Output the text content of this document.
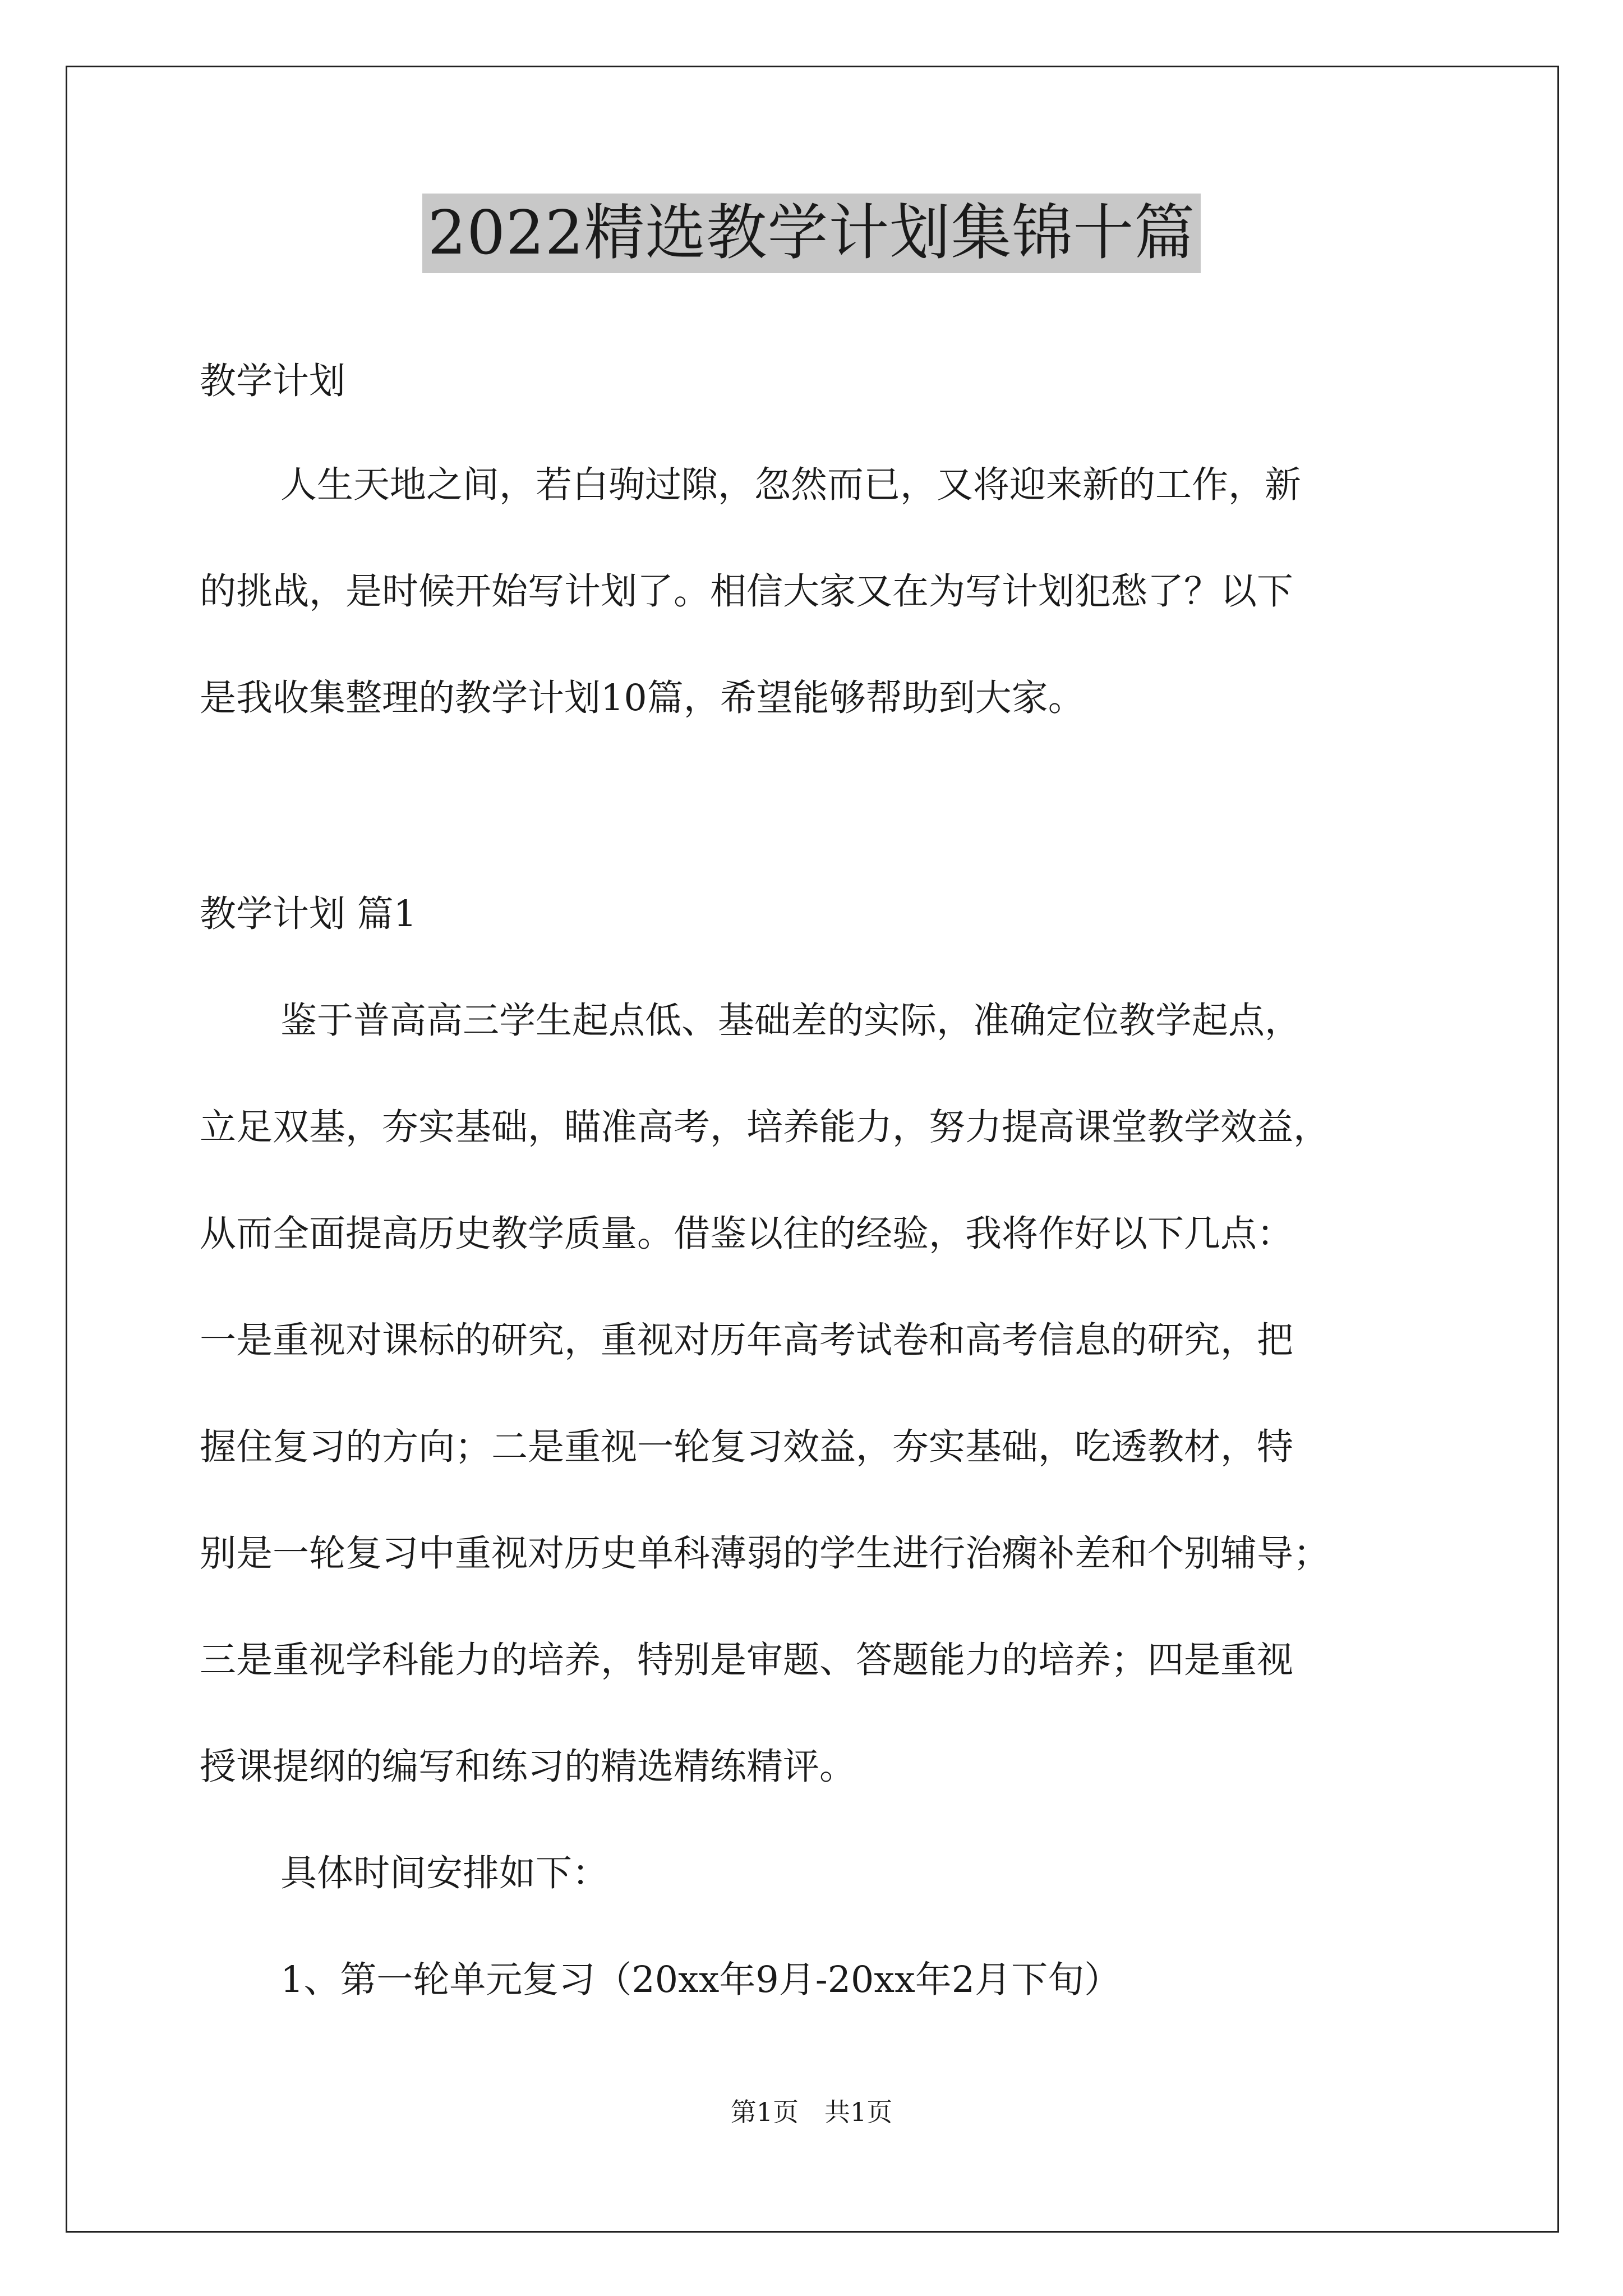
2022精选教学计划集锦十篇
教学计划
人生天地之间，若白驹过隙，忽然而已，又将迎来新的工作，新
的挑战，是时候开始写计划了。相信大家又在为写计划犯愁了？以下
是我收集整理的教学计划10篇，希望能够帮助到大家。
教学计划 篇1
鉴于普高高三学生起点低、基础差的实际，准确定位教学起点，
立足双基，夯实基础，瞄准高考，培养能力，努力提高课堂教学效益，
从而全面提高历史教学质量。借鉴以往的经验，我将作好以下几点：
一是重视对课标的研究，重视对历年高考试卷和高考信息的研究，把
握住复习的方向；二是重视一轮复习效益，夯实基础，吃透教材，特
别是一轮复习中重视对历史单科薄弱的学生进行治瘸补差和个别辅导；
三是重视学科能力的培养，特别是审题、答题能力的培养；四是重视
授课提纲的编写和练习的精选精练精评。
具体时间安排如下：
1、第一轮单元复习（20xx年9月-20xx年2月下旬）
第1页　共1页
